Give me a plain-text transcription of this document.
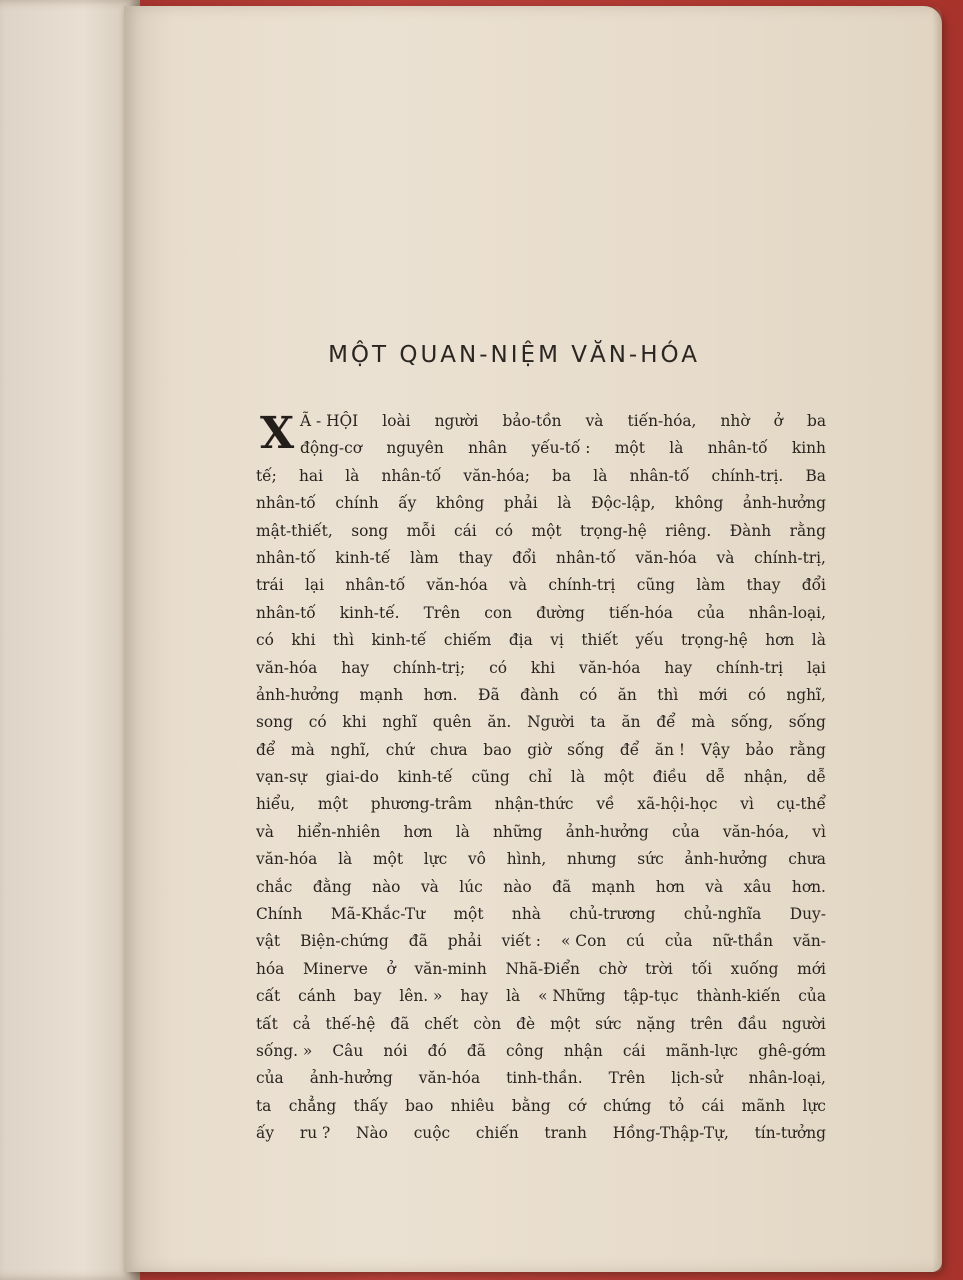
MỘT QUAN-NIỆM VĂN-HÓA
X Ã - HỘI loài người bảo-tồn và tiến-hóa, nhờ ở ba
động-cơ nguyên nhân yếu-tố : một là nhân-tố kinh
tế; hai là nhân-tố văn-hóa; ba là nhân-tố chính-trị. Ba
nhân-tố chính ấy không phải là Độc-lập, không ảnh-hưởng
mật-thiết, song mỗi cái có một trọng-hệ riêng. Đành rằng
nhân-tố kinh-tế làm thay đổi nhân-tố văn-hóa và chính-trị,
trái lại nhân-tố văn-hóa và chính-trị cũng làm thay đổi
nhân-tố kinh-tế. Trên con đường tiến-hóa của nhân-loại,
có khi thì kinh-tế chiếm địa vị thiết yếu trọng-hệ hơn là
văn-hóa hay chính-trị; có khi văn-hóa hay chính-trị lại
ảnh-hưởng mạnh hơn. Đã đành có ăn thì mới có nghĩ,
song có khi nghĩ quên ăn. Người ta ăn để mà sống, sống
để mà nghĩ, chứ chưa bao giờ sống để ăn ! Vậy bảo rằng
vạn-sự giai-do kinh-tế cũng chỉ là một điều dễ nhận, dễ
hiểu, một phương-trâm nhận-thức về xã-hội-học vì cụ-thể
và hiển-nhiên hơn là những ảnh-hưởng của văn-hóa, vì
văn-hóa là một lực vô hình, nhưng sức ảnh-hưởng chưa
chắc đằng nào và lúc nào đã mạnh hơn và xâu hơn.
Chính Mã-Khắc-Tư một nhà chủ-trương chủ-nghĩa Duy-
vật Biện-chứng đã phải viết : « Con cú của nữ-thần văn-
hóa Minerve ở văn-minh Nhã-Điển chờ trời tối xuống mới
cất cánh bay lên. » hay là « Những tập-tục thành-kiến của
tất cả thế-hệ đã chết còn đè một sức nặng trên đầu người
sống. » Câu nói đó đã công nhận cái mãnh-lực ghê-gớm
của ảnh-hưởng văn-hóa tinh-thần. Trên lịch-sử nhân-loại,
ta chẳng thấy bao nhiêu bằng cớ chứng tỏ cái mãnh lực
ấy ru ? Nào cuộc chiến tranh Hồng-Thập-Tự, tín-tưởng
